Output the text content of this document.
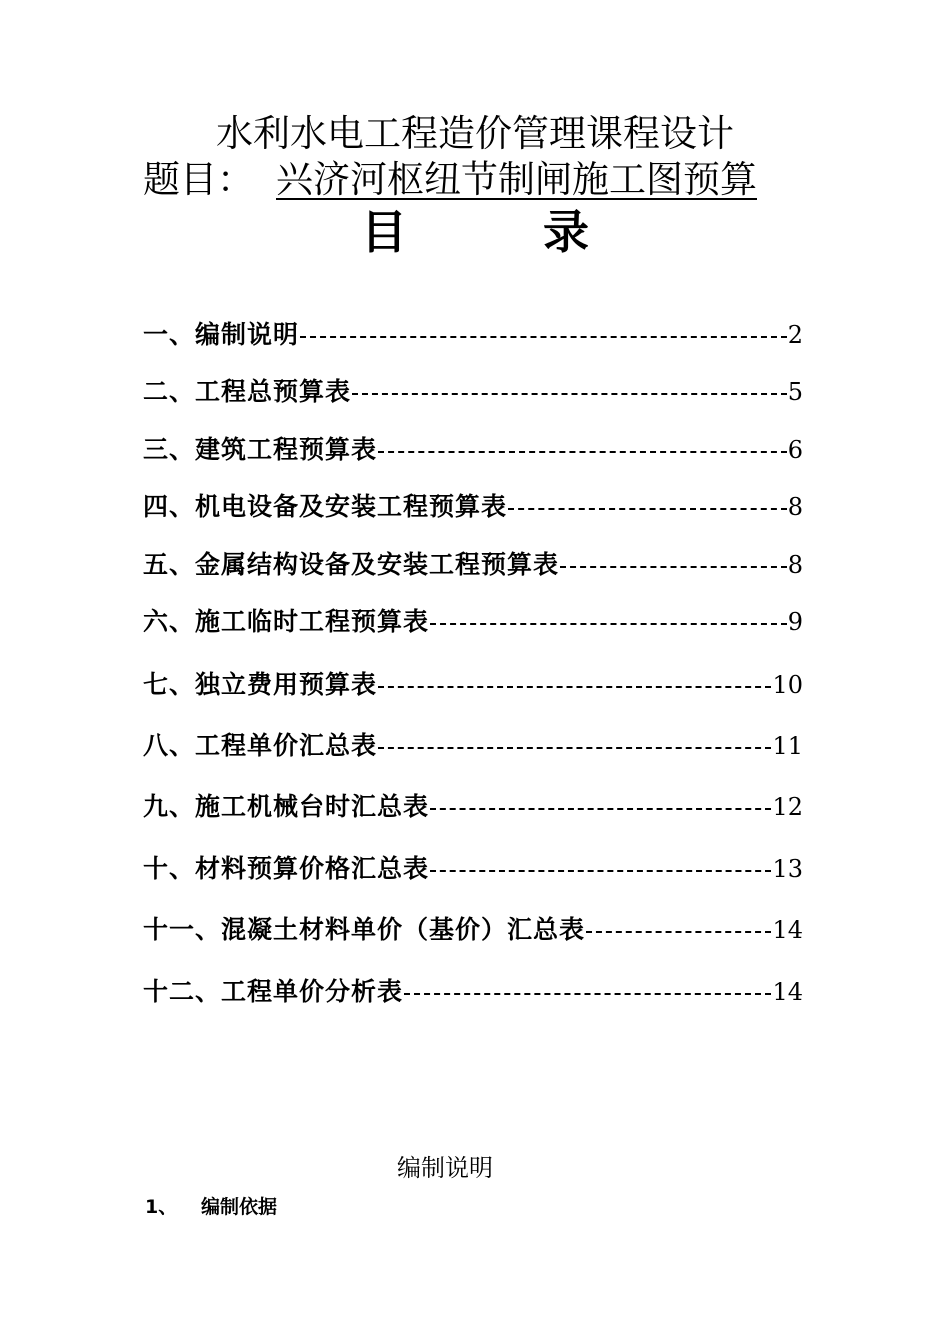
水利水电工程造价管理课程设计
题目： 兴济河枢纽节制闸施工图预算
目 录
一、编制说明	2
二、工程总预算表	5
三、建筑工程预算表	6
四、机电设备及安装工程预算表	8
五、金属结构设备及安装工程预算表	8
六、施工临时工程预算表	9
七、独立费用预算表	10
八、工程单价汇总表	11
九、施工机械台时汇总表	12
十、材料预算价格汇总表	13
十一、混凝土材料单价（基价）汇总表	14
十二、工程单价分析表	14
编制说明
1、 编制依据
